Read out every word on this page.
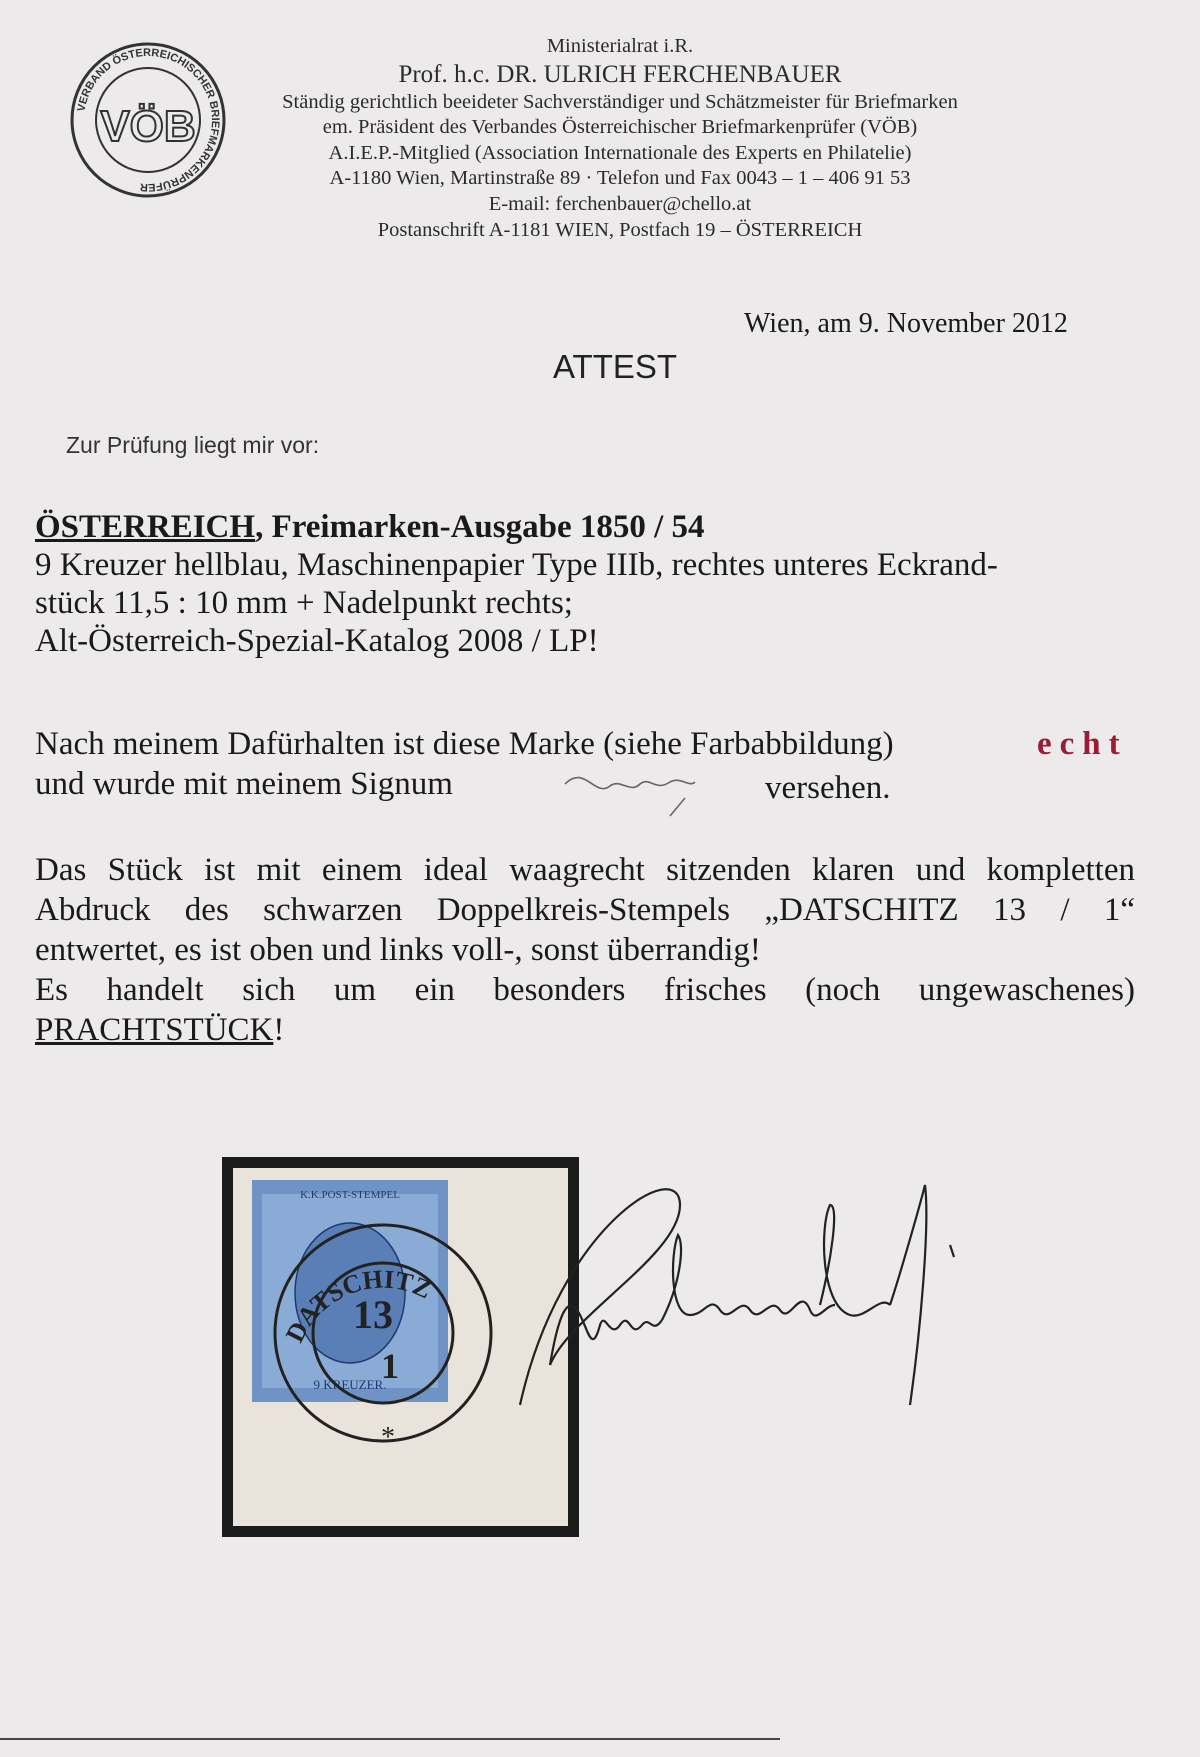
VÖB
VERBAND ÖSTERREICHISCHER BRIEFMARKENPRÜFER
Ministerialrat i.R.
Prof. h.c. DR. ULRICH FERCHENBAUER
Ständig gerichtlich beeideter Sachverständiger und Schätzmeister für Briefmarken
em. Präsident des Verbandes Österreichischer Briefmarkenprüfer (VÖB)
A.I.E.P.-Mitglied (Association Internationale des Experts en Philatelie)
A-1180 Wien, Martinstraße 89 · Telefon und Fax 0043 – 1 – 406 91 53
E-mail: ferchenbauer@chello.at
Postanschrift A-1181 WIEN, Postfach 19 – ÖSTERREICH
Wien, am 9. November 2012
ATTEST
Zur Prüfung liegt mir vor:
ÖSTERREICH, Freimarken-Ausgabe 1850 / 54
9 Kreuzer hellblau, Maschinenpapier Type IIIb, rechtes unteres Eckrand-
stück 11,5 : 10 mm + Nadelpunkt rechts;
Alt-Österreich-Spezial-Katalog 2008 / LP!
Nach meinem Dafürhalten ist diese Marke (siehe Farbabbildung)	echt
und wurde mit meinem Signum	versehen.
Das Stück ist mit einem ideal waagrecht sitzenden klaren und kompletten
Abdruck des schwarzen Doppelkreis-Stempels „DATSCHITZ 13 / 1“
entwertet, es ist oben und links voll-, sonst überrandig!
Es handelt sich um ein besonders frisches (noch ungewaschenes)
PRACHTSTÜCK!
K.K.POST-STEMPEL
9 KREUZER.
DATSCHITZ
13
1
*
